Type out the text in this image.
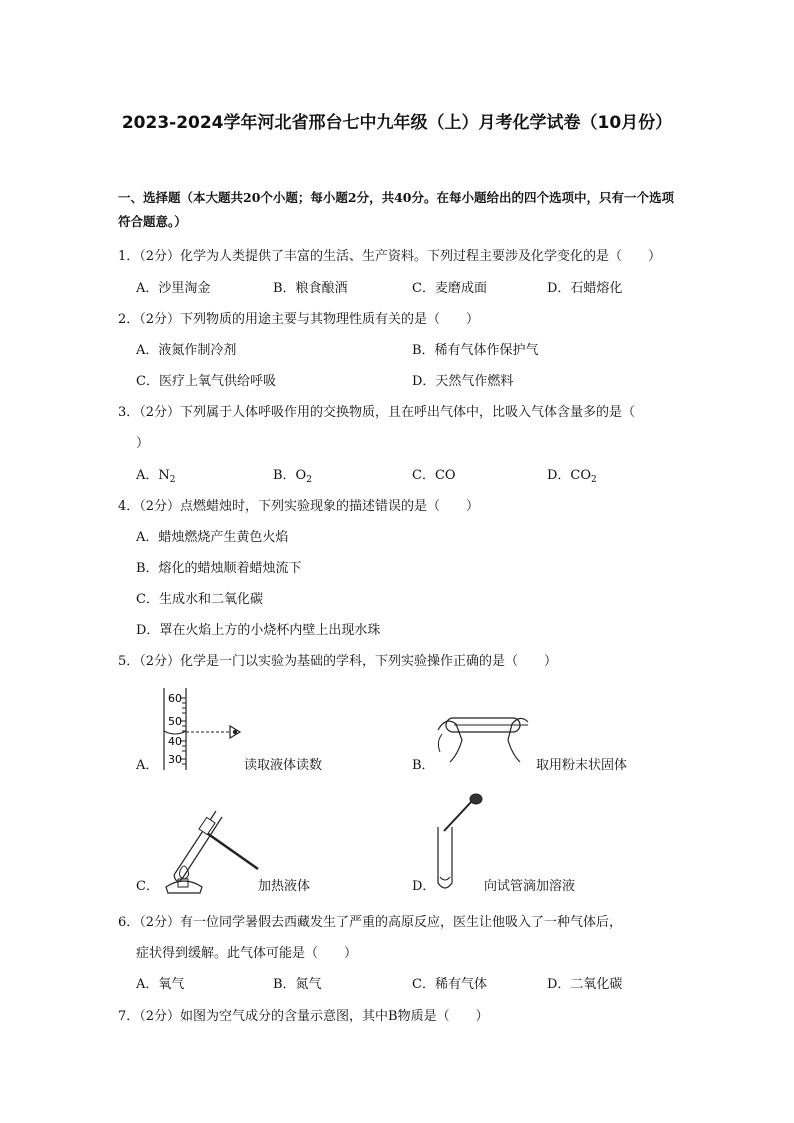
2023-2024学年河北省邢台七中九年级（上）月考化学试卷（10月份）
一、选择题（本大题共20个小题；每小题2分，共40分。在每小题给出的四个选项中，只有一个选项符合题意。）
1．（2分）化学为人类提供了丰富的生活、生产资料。下列过程主要涉及化学变化的是（　　）
A．沙里淘金	B．粮食酿酒	C．麦磨成面	D．石蜡熔化
2．（2分）下列物质的用途主要与其物理性质有关的是（　　）
A．液氮作制冷剂	B．稀有气体作保护气
C．医疗上氧气供给呼吸	D．天然气作燃料
3．（2分）下列属于人体呼吸作用的交换物质，且在呼出气体中，比吸入气体含量多的是（
）
A．$N_2$	B．$O_2$	C．CO	D．$CO_2$
4．（2分）点燃蜡烛时，下列实验现象的描述错误的是（　　）
A．蜡烛燃烧产生黄色火焰
B．熔化的蜡烛顺着蜡烛流下
C．生成水和二氧化碳
D．罩在火焰上方的小烧杯内壁上出现水珠
5．（2分）化学是一门以实验为基础的学科，下列实验操作正确的是（　　）
A．
60
50
40
30	读取液体读数	B．	取用粉末状固体
C．	加热液体	D．	向试管滴加溶液
6．（2分）有一位同学暑假去西藏发生了严重的高原反应，医生让他吸入了一种气体后，
症状得到缓解。此气体可能是（　　）
A．氧气	B．氮气	C．稀有气体	D．二氧化碳
7．（2分）如图为空气成分的含量示意图，其中B物质是（　　）
